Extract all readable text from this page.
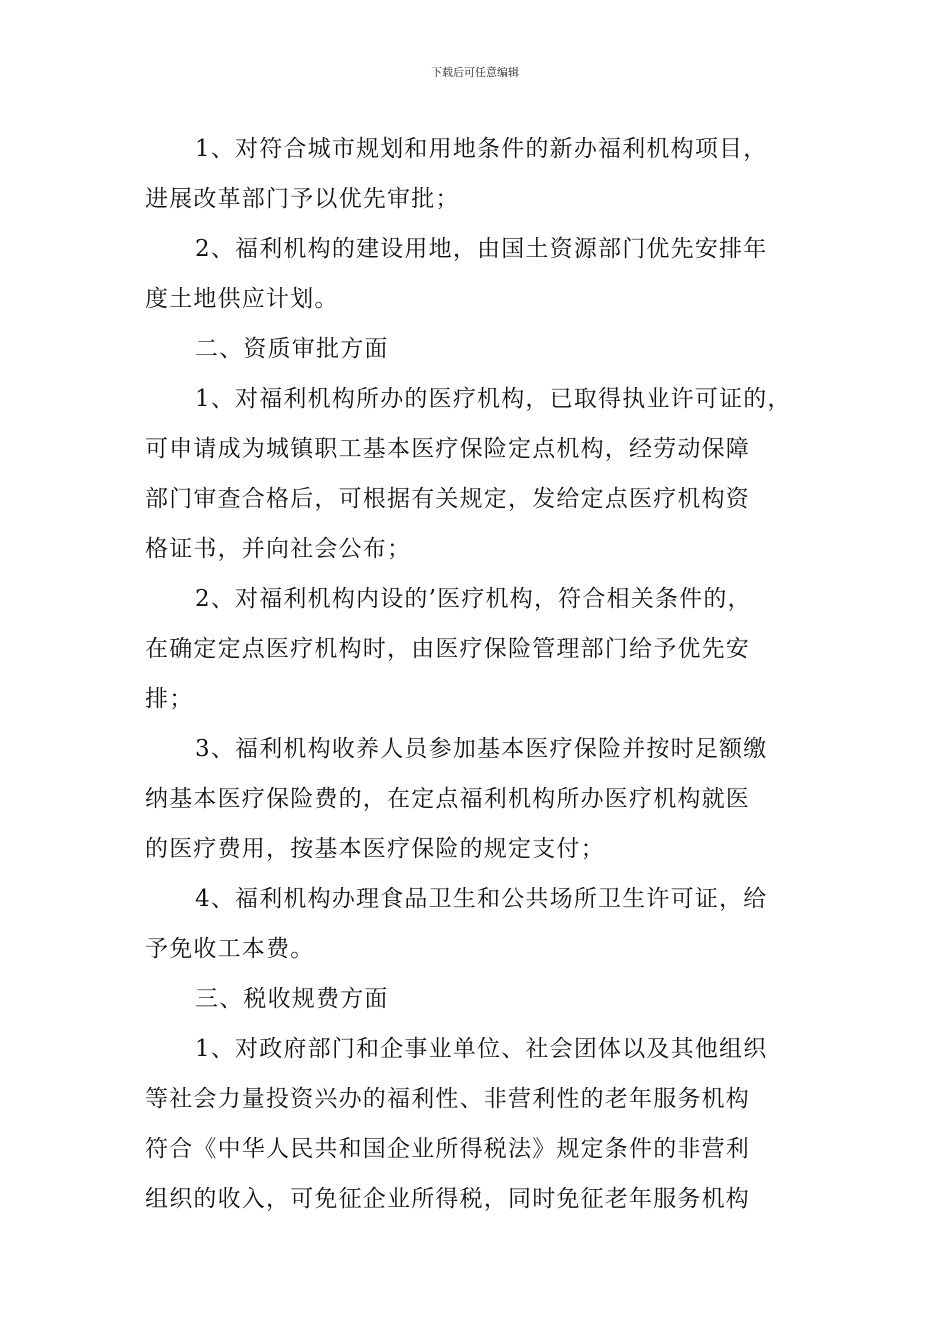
下载后可任意编辑

1、对符合城市规划和用地条件的新办福利机构项目，
进展改革部门予以优先审批；

2、福利机构的建设用地，由国土资源部门优先安排年
度土地供应计划。

二、资质审批方面

1、对福利机构所办的医疗机构，已取得执业许可证的，
可申请成为城镇职工基本医疗保险定点机构，经劳动保障
部门审查合格后，可根据有关规定，发给定点医疗机构资
格证书，并向社会公布；

2、对福利机构内设的’医疗机构，符合相关条件的，
在确定定点医疗机构时，由医疗保险管理部门给予优先安
排；

3、福利机构收养人员参加基本医疗保险并按时足额缴
纳基本医疗保险费的，在定点福利机构所办医疗机构就医
的医疗费用，按基本医疗保险的规定支付；

4、福利机构办理食品卫生和公共场所卫生许可证，给
予免收工本费。

三、税收规费方面

1、对政府部门和企事业单位、社会团体以及其他组织
等社会力量投资兴办的福利性、非营利性的老年服务机构
符合《中华人民共和国企业所得税法》规定条件的非营利
组织的收入，可免征企业所得税，同时免征老年服务机构
